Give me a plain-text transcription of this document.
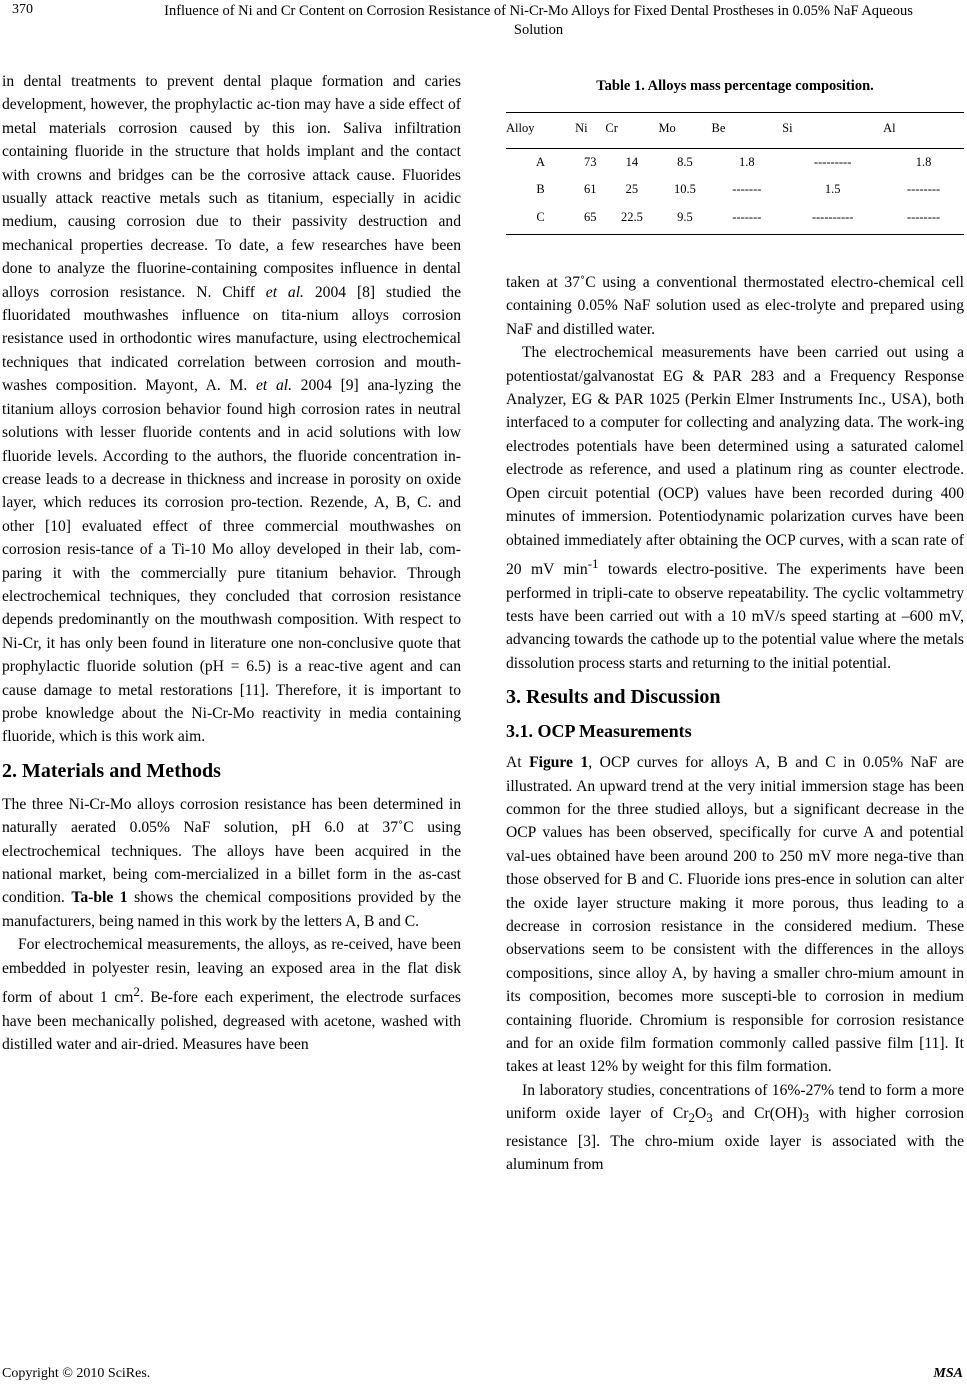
370	Influence of Ni and Cr Content on Corrosion Resistance of Ni-Cr-Mo Alloys for Fixed Dental Prostheses in 0.05% NaF Aqueous Solution

in dental treatments to prevent dental plaque formation and caries development, however, the prophylactic ac-tion may have a side effect of metal materials corrosion caused by this ion. Saliva infiltration containing fluoride in the structure that holds implant and the contact with crowns and bridges can be the corrosive attack cause. Fluorides usually attack reactive metals such as titanium, especially in acidic medium, causing corrosion due to their passivity destruction and mechanical properties decrease. To date, a few researches have been done to analyze the fluorine-containing composites influence in dental alloys corrosion resistance. N. Chiff et al. 2004 [8] studied the fluoridated mouthwashes influence on tita-nium alloys corrosion resistance used in orthodontic wires manufacture, using electrochemical techniques that indicated correlation between corrosion and mouth-washes composition. Mayont, A. M. et al. 2004 [9] ana-lyzing the titanium alloys corrosion behavior found high corrosion rates in neutral solutions with lesser fluoride contents and in acid solutions with low fluoride levels. According to the authors, the fluoride concentration in-crease leads to a decrease in thickness and increase in porosity on oxide layer, which reduces its corrosion pro-tection. Rezende, A, B, C. and other [10] evaluated effect of three commercial mouthwashes on corrosion resis-tance of a Ti-10 Mo alloy developed in their lab, com-paring it with the commercially pure titanium behavior. Through electrochemical techniques, they concluded that corrosion resistance depends predominantly on the mouthwash composition. With respect to Ni-Cr, it has only been found in literature one non-conclusive quote that prophylactic fluoride solution (pH = 6.5) is a reac-tive agent and can cause damage to metal restorations [11]. Therefore, it is important to probe knowledge about the Ni-Cr-Mo reactivity in media containing fluoride, which is this work aim.

2. Materials and Methods

The three Ni-Cr-Mo alloys corrosion resistance has been determined in naturally aerated 0.05% NaF solution, pH 6.0 at 37˚C using electrochemical techniques. The alloys have been acquired in the national market, being com-mercialized in a billet form in the as-cast condition. Ta-ble 1 shows the chemical compositions provided by the manufacturers, being named in this work by the letters A, B and C.

For electrochemical measurements, the alloys, as re-ceived, have been embedded in polyester resin, leaving an exposed area in the flat disk form of about 1 $cm^2$. Be-fore each experiment, the electrode surfaces have been mechanically polished, degreased with acetone, washed with distilled water and air-dried. Measures have been

Table 1. Alloys mass percentage composition.
Alloy	Ni	Cr	Mo	Be	Si	Al
A	73	14	8.5	1.8	---------	1.8
B	61	25	10.5	-------	1.5	--------
C	65	22.5	9.5	-------	----------	--------

taken at 37˚C using a conventional thermostated electro-chemical cell containing 0.05% NaF solution used as elec-trolyte and prepared using NaF and distilled water.

The electrochemical measurements have been carried out using a potentiostat/galvanostat EG & PAR 283 and a Frequency Response Analyzer, EG & PAR 1025 (Perkin Elmer Instruments Inc., USA), both interfaced to a computer for collecting and analyzing data. The work-ing electrodes potentials have been determined using a saturated calomel electrode as reference, and used a platinum ring as counter electrode. Open circuit potential (OCP) values have been recorded during 400 minutes of immersion. Potentiodynamic polarization curves have been obtained immediately after obtaining the OCP curves, with a scan rate of 20 mV $\min^{-1}$ towards electro-positive. The experiments have been performed in tripli-cate to observe repeatability. The cyclic voltammetry tests have been carried out with a 10 mV/s speed starting at –600 mV, advancing towards the cathode up to the potential value where the metals dissolution process starts and returning to the initial potential.

3. Results and Discussion
3.1. OCP Measurements

At Figure 1, OCP curves for alloys A, B and C in 0.05% NaF are illustrated. An upward trend at the very initial immersion stage has been common for the three studied alloys, but a significant decrease in the OCP values has been observed, specifically for curve A and potential val-ues obtained have been around 200 to 250 mV more nega-tive than those observed for B and C. Fluoride ions pres-ence in solution can alter the oxide layer structure making it more porous, thus leading to a decrease in corrosion resistance in the considered medium. These observations seem to be consistent with the differences in the alloys compositions, since alloy A, by having a smaller chro-mium amount in its composition, becomes more suscepti-ble to corrosion in medium containing fluoride. Chromium is responsible for corrosion resistance and for an oxide film formation commonly called passive film [11]. It takes at least 12% by weight for this film formation.

In laboratory studies, concentrations of 16%-27% tend to form a more uniform oxide layer of $Cr_2O_3$ and $Cr(OH)_3$ with higher corrosion resistance [3]. The chro-mium oxide layer is associated with the aluminum from

Copyright © 2010 SciRes.	MSA
